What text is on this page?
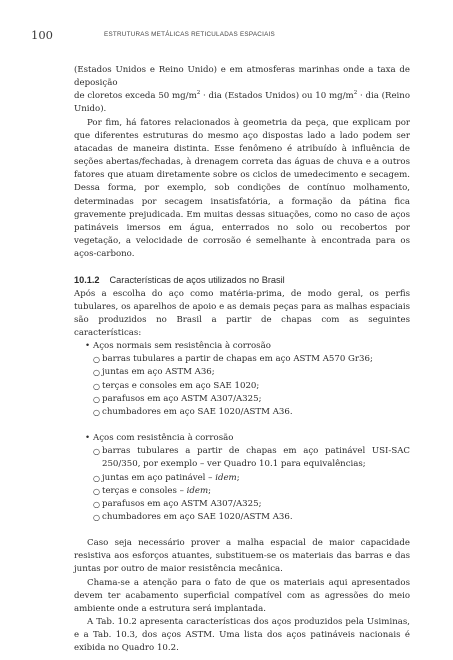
100	ESTRUTURAS METÁLICAS RETICULADAS ESPACIAIS
(Estados Unidos e Reino Unido) e em atmosferas marinhas onde a taxa de deposição
de cloretos exceda 50 $mg/m^2$ · dia (Estados Unidos) ou 10 $mg/m^2$ · dia (Reino Unido).

Por fim, há fatores relacionados à geometria da peça, que explicam por que diferentes estruturas do mesmo aço dispostas lado a lado podem ser atacadas de maneira distinta. Esse fenômeno é atribuído à influência de seções abertas/fechadas, à drenagem correta das águas de chuva e a outros fatores que atuam diretamente sobre os ciclos de umedecimento e secagem. Dessa forma, por exemplo, sob condições de contínuo molhamento, determinadas por secagem insatisfatória, a formação da pátina fica gravemente prejudicada. Em muitas dessas situações, como no caso de aços patináveis imersos em água, enterrados no solo ou recobertos por vegetação, a velocidade de corrosão é semelhante à encontrada para os aços-carbono.

10.1.2 Características de aços utilizados no Brasil

Após a escolha do aço como matéria-prima, de modo geral, os perfis tubulares, os aparelhos de apoio e as demais peças para as malhas espaciais são produzidos no Brasil a partir de chapas com as seguintes características:

• Aços normais sem resistência à corrosão
○ barras tubulares a partir de chapas em aço ASTM A570 Gr36;
○ juntas em aço ASTM A36;
○ terças e consoles em aço SAE 1020;
○ parafusos em aço ASTM A307/A325;
○ chumbadores em aço SAE 1020/ASTM A36.
• Aços com resistência à corrosão
○ barras tubulares a partir de chapas em aço patinável USI-SAC 250/350, por exemplo – ver Quadro 10.1 para equivalências;
○ juntas em aço patinável – idem;
○ terças e consoles – idem;
○ parafusos em aço ASTM A307/A325;
○ chumbadores em aço SAE 1020/ASTM A36.

Caso seja necessário prover a malha espacial de maior capacidade resistiva aos esforços atuantes, substituem-se os materiais das barras e das juntas por outro de maior resistência mecânica.

Chama-se a atenção para o fato de que os materiais aqui apresentados devem ter acabamento superficial compatível com as agressões do meio ambiente onde a estrutura será implantada.

A Tab. 10.2 apresenta características dos aços produzidos pela Usiminas, e a Tab. 10.3, dos aços ASTM. Uma lista dos aços patináveis nacionais é exibida no Quadro 10.2.
